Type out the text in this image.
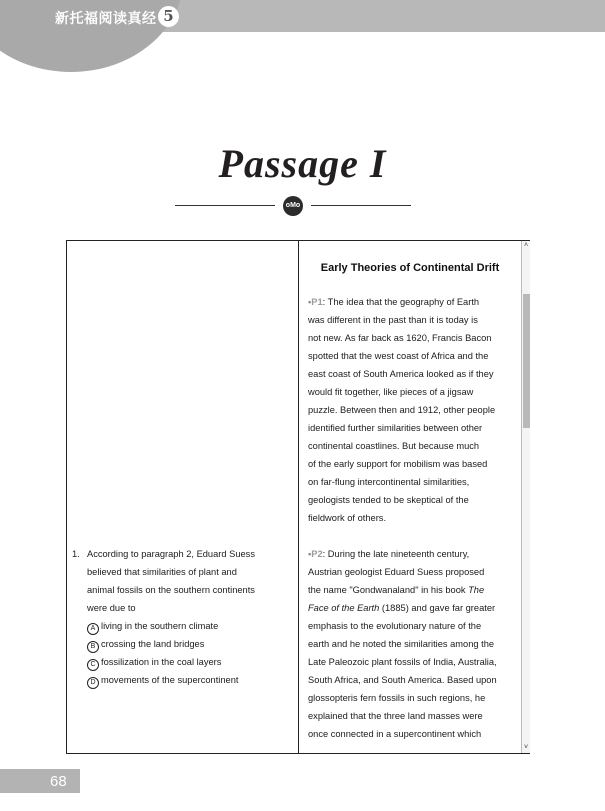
新托福阅读真经 5
Passage I
oMo
1. According to paragraph 2, Eduard Suess
believed that similarities of plant and
animal fossils on the southern continents
were due to
A living in the southern climate
B crossing the land bridges
C fossilization in the coal layers
D movements of the supercontinent
Early Theories of Continental Drift
•P1: The idea that the geography of Earth
was different in the past than it is today is
not new. As far back as 1620, Francis Bacon
spotted that the west coast of Africa and the
east coast of South America looked as if they
would fit together, like pieces of a jigsaw
puzzle. Between then and 1912, other people
identified further similarities between other
continental coastlines. But because much
of the early support for mobilism was based
on far-flung intercontinental similarities,
geologists tended to be skeptical of the
fieldwork of others.
•P2: During the late nineteenth century,
Austrian geologist Eduard Suess proposed
the name "Gondwanaland" in his book The
Face of the Earth (1885) and gave far greater
emphasis to the evolutionary nature of the
earth and he noted the similarities among the
Late Paleozoic plant fossils of India, Australia,
South Africa, and South America. Based upon
glossopteris fern fossils in such regions, he
explained that the three land masses were
once connected in a supercontinent which
˄
˅
68
